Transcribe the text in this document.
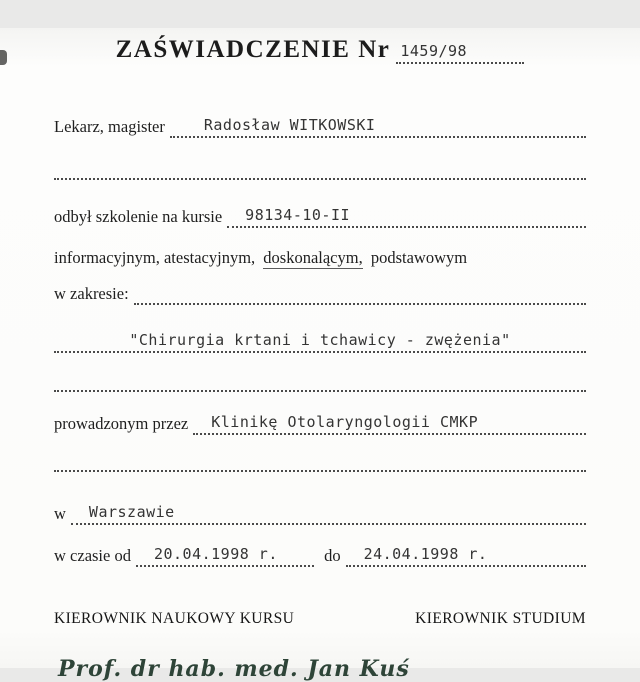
ZAŚWIADCZENIE Nr 1459/98
Lekarz, magister	Radosław WITKOWSKI
odbył szkolenie na kursie	98134-10-II
informacyjnym, atestacyjnym, doskonalącym, podstawowym
w zakresie:
"Chirurgia krtani i tchawicy - zwężenia"
prowadzonym przez	Klinikę Otolaryngologii CMKP
w	Warszawie
w czasie od	20.04.1998 r.	do	24.04.1998 r.
KIEROWNIK NAUKOWY KURSU	KIEROWNIK STUDIUM
Prof. dr hab. med. Jan Kuś
